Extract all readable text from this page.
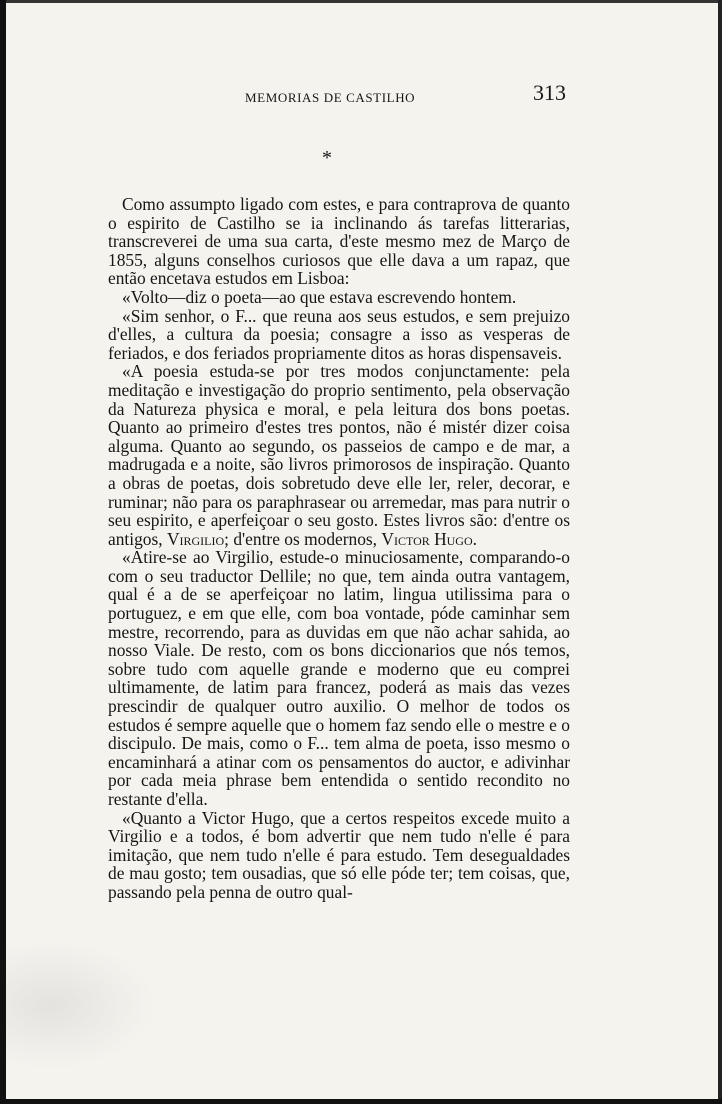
MEMORIAS DE CASTILHO	313
*

Como assumpto ligado com estes, e para contraprova de quanto o espirito de Castilho se ia inclinando ás tarefas litterarias, transcreverei de uma sua carta, d'este mesmo mez de Março de 1855, alguns conselhos curiosos que elle dava a um rapaz, que então encetava estudos em Lisboa:

«Volto—diz o poeta—ao que estava escrevendo hontem.

«Sim senhor, o F... que reuna aos seus estudos, e sem prejuizo d'elles, a cultura da poesia; consagre a isso as vesperas de feriados, e dos feriados propriamente ditos as horas dispensaveis.

«A poesia estuda-se por tres modos conjunctamente: pela meditação e investigação do proprio sentimento, pela observação da Natureza physica e moral, e pela leitura dos bons poetas. Quanto ao primeiro d'estes tres pontos, não é mistér dizer coisa alguma. Quanto ao segundo, os passeios de campo e de mar, a madrugada e a noite, são livros primorosos de inspiração. Quanto a obras de poetas, dois sobretudo deve elle ler, reler, decorar, e ruminar; não para os paraphrasear ou arremedar, mas para nutrir o seu espirito, e aperfeiçoar o seu gosto. Estes livros são: d'entre os antigos, Virgilio; d'entre os modernos, Victor Hugo.

«Atire-se ao Virgilio, estude-o minuciosamente, comparando-o com o seu traductor Dellile; no que, tem ainda outra vantagem, qual é a de se aperfeiçoar no latim, lingua utilissima para o portuguez, e em que elle, com boa vontade, póde caminhar sem mestre, recorrendo, para as duvidas em que não achar sahida, ao nosso Viale. De resto, com os bons diccionarios que nós temos, sobre tudo com aquelle grande e moderno que eu comprei ultimamente, de latim para francez, poderá as mais das vezes prescindir de qualquer outro auxilio. O melhor de todos os estudos é sempre aquelle que o homem faz sendo elle o mestre e o discipulo. De mais, como o F... tem alma de poeta, isso mesmo o encaminhará a atinar com os pensamentos do auctor, e adivinhar por cada meia phrase bem entendida o sentido recondito no restante d'ella.

«Quanto a Victor Hugo, que a certos respeitos excede muito a Virgilio e a todos, é bom advertir que nem tudo n'elle é para imitação, que nem tudo n'elle é para estudo. Tem desegualdades de mau gosto; tem ousadias, que só elle póde ter; tem coisas, que, passando pela penna de outro qual-
